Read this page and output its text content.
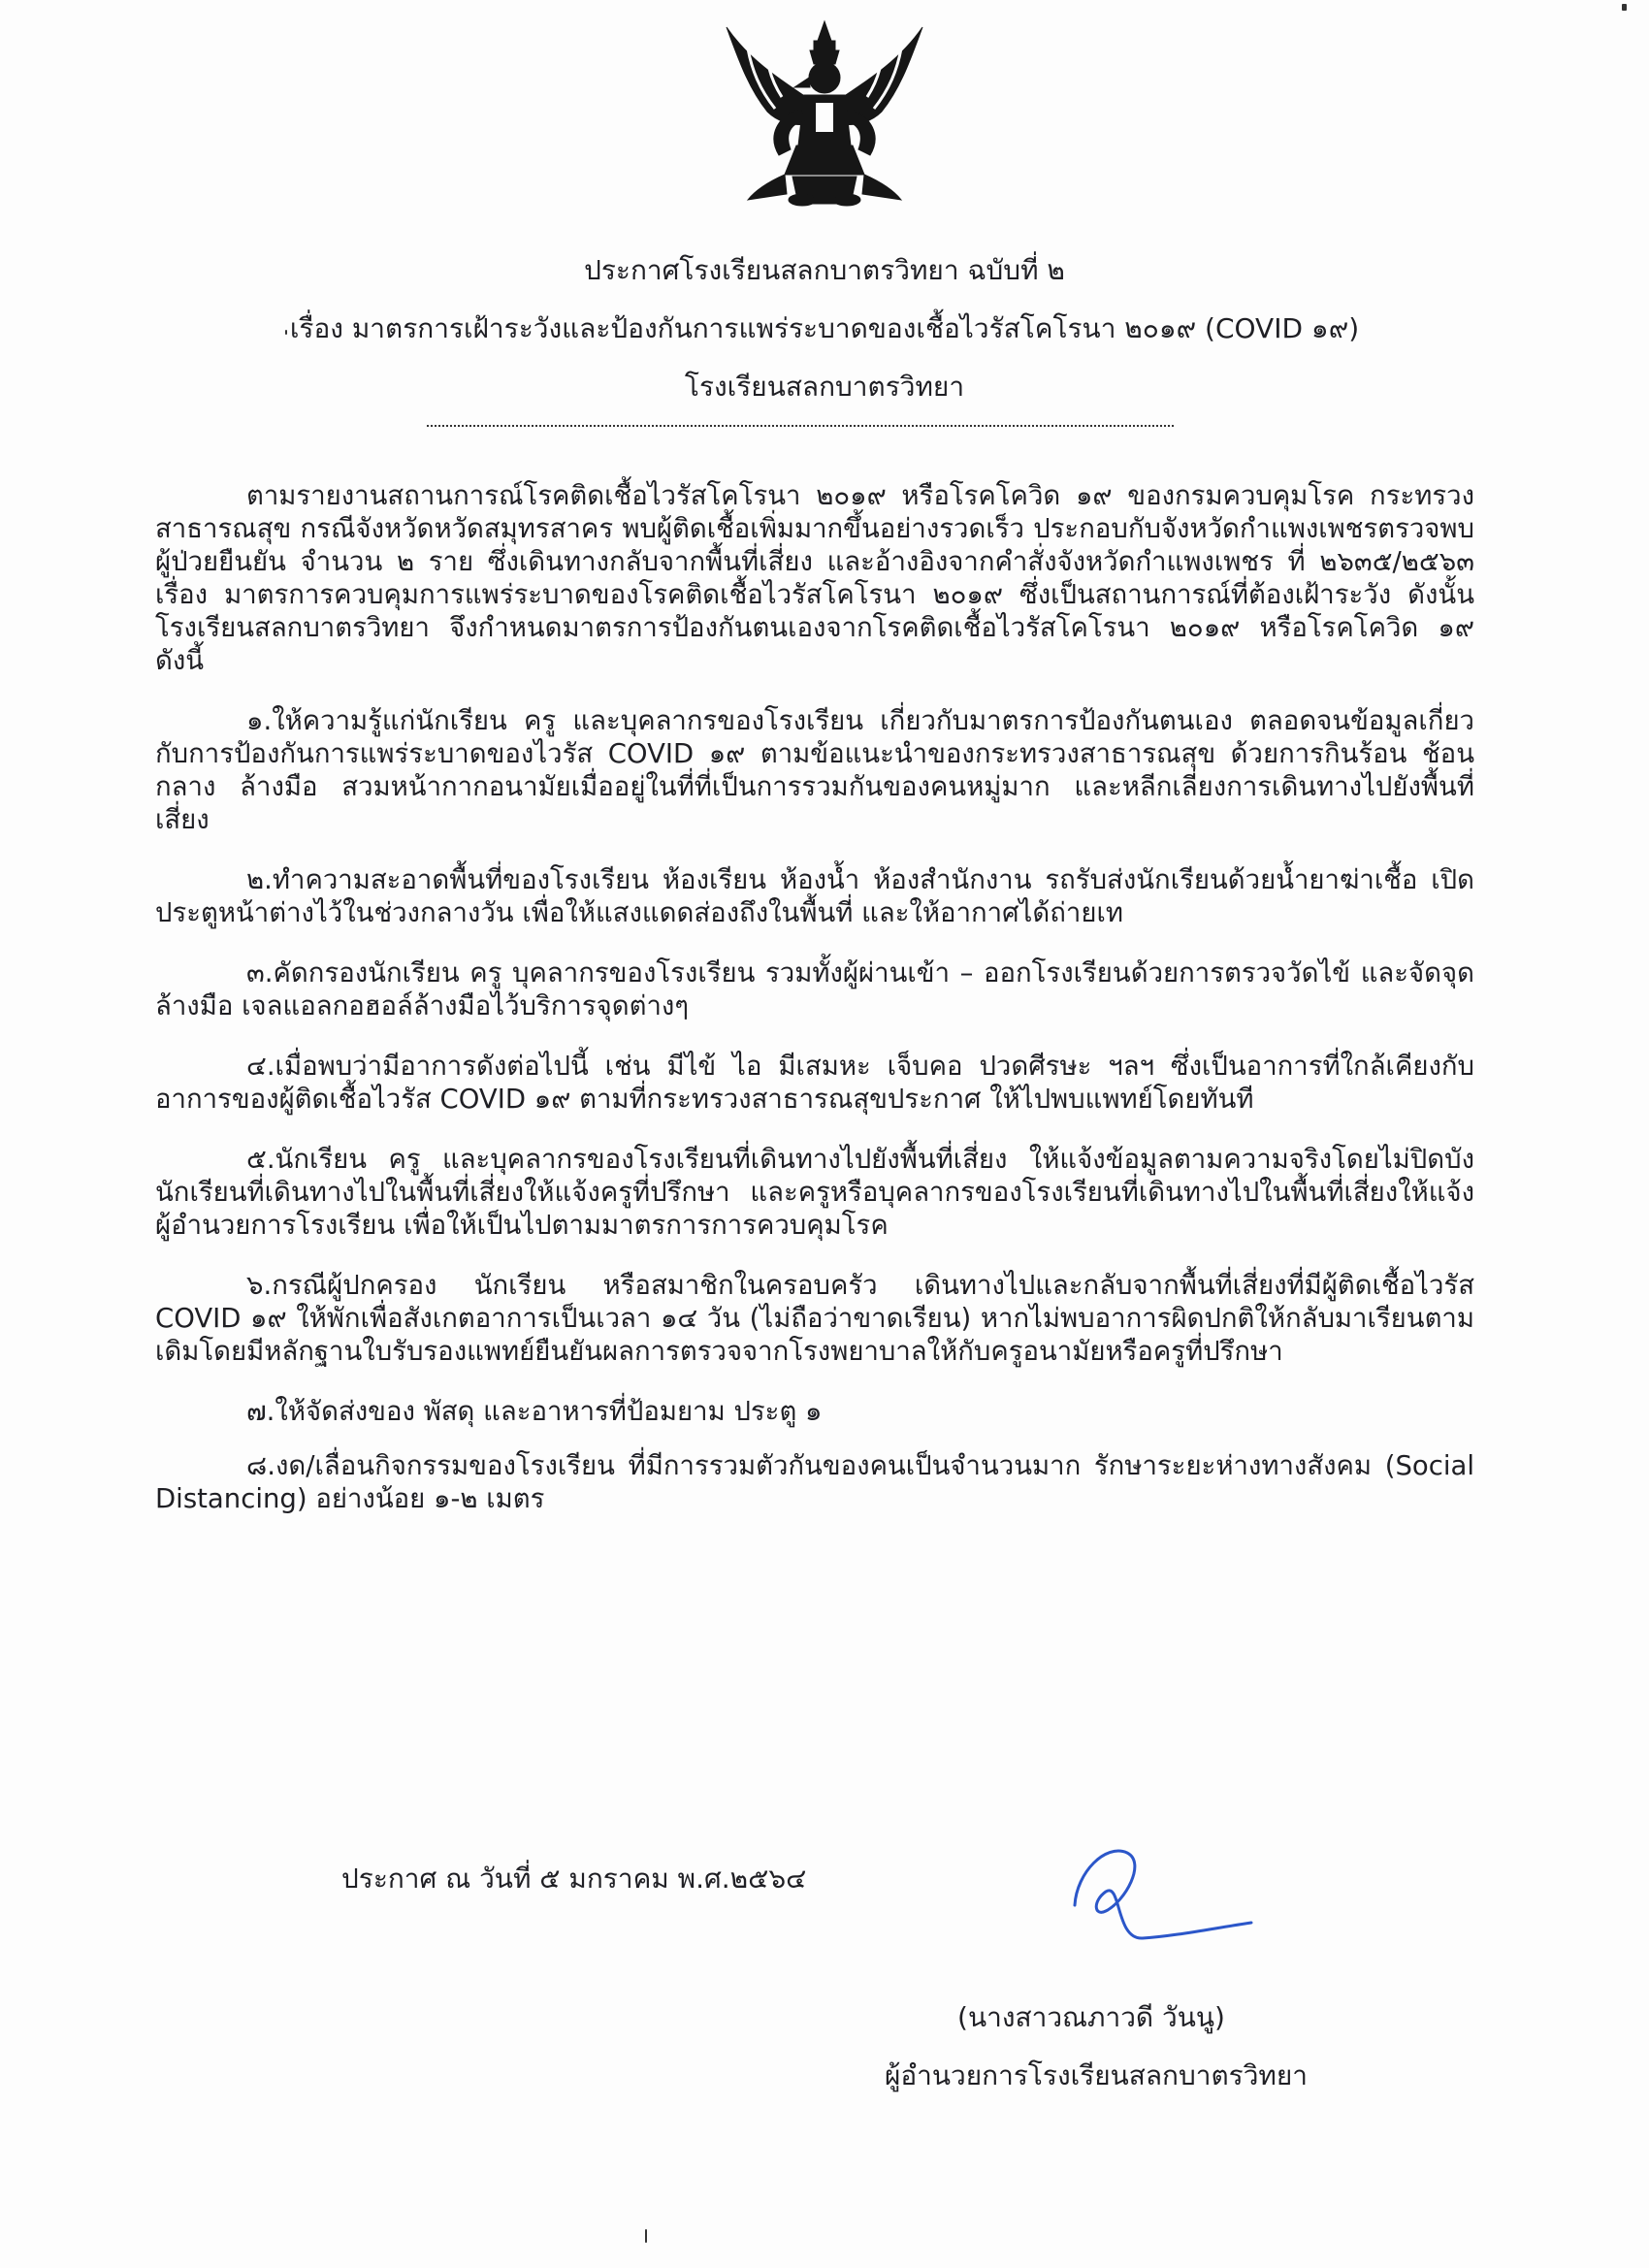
ประกาศโรงเรียนสลกบาตรวิทยา ฉบับที่ ๒
เรื่อง มาตรการเฝ้าระวังและป้องกันการแพร่ระบาดของเชื้อไวรัสโคโรนา ๒๐๑๙ (COVID ๑๙)
โรงเรียนสลกบาตรวิทยา

ตามรายงานสถานการณ์โรคติดเชื้อไวรัสโคโรนา ๒๐๑๙ หรือโรคโควิด ๑๙ ของกรมควบคุมโรค กระทรวงสาธารณสุข กรณีจังหวัดหวัดสมุทรสาคร พบผู้ติดเชื้อเพิ่มมากขึ้นอย่างรวดเร็ว ประกอบกับจังหวัดกำแพงเพชรตรวจพบผู้ป่วยยืนยัน จำนวน ๒ ราย ซึ่งเดินทางกลับจากพื้นที่เสี่ยง และอ้างอิงจากคำสั่งจังหวัดกำแพงเพชร ที่ ๒๖๓๕/๒๕๖๓ เรื่อง มาตรการควบคุมการแพร่ระบาดของโรคติดเชื้อไวรัสโคโรนา ๒๐๑๙ ซึ่งเป็นสถานการณ์ที่ต้องเฝ้าระวัง ดังนั้น โรงเรียนสลกบาตรวิทยา จึงกำหนดมาตรการป้องกันตนเองจากโรคติดเชื้อไวรัสโคโรนา ๒๐๑๙ หรือโรคโควิด ๑๙ ดังนี้

๑.ให้ความรู้แก่นักเรียน ครู และบุคลากรของโรงเรียน เกี่ยวกับมาตรการป้องกันตนเอง ตลอดจนข้อมูลเกี่ยวกับการป้องกันการแพร่ระบาดของไวรัส COVID ๑๙ ตามข้อแนะนำของกระทรวงสาธารณสุข ด้วยการกินร้อน ช้อนกลาง ล้างมือ สวมหน้ากากอนามัยเมื่ออยู่ในที่ที่เป็นการรวมกันของคนหมู่มาก และหลีกเลี่ยงการเดินทางไปยังพื้นที่เสี่ยง

๒.ทำความสะอาดพื้นที่ของโรงเรียน ห้องเรียน ห้องน้ำ ห้องสำนักงาน รถรับส่งนักเรียนด้วยน้ำยาฆ่าเชื้อ เปิดประตูหน้าต่างไว้ในช่วงกลางวัน เพื่อให้แสงแดดส่องถึงในพื้นที่ และให้อากาศได้ถ่ายเท

๓.คัดกรองนักเรียน ครู บุคลากรของโรงเรียน รวมทั้งผู้ผ่านเข้า – ออกโรงเรียนด้วยการตรวจวัดไข้ และจัดจุดล้างมือ เจลแอลกอฮอล์ล้างมือไว้บริการจุดต่างๆ

๔.เมื่อพบว่ามีอาการดังต่อไปนี้ เช่น มีไข้ ไอ มีเสมหะ เจ็บคอ ปวดศีรษะ ฯลฯ ซึ่งเป็นอาการที่ใกล้เคียงกับอาการของผู้ติดเชื้อไวรัส COVID ๑๙ ตามที่กระทรวงสาธารณสุขประกาศ ให้ไปพบแพทย์โดยทันที

๕.นักเรียน ครู และบุคลากรของโรงเรียนที่เดินทางไปยังพื้นที่เสี่ยง ให้แจ้งข้อมูลตามความจริงโดยไม่ปิดบัง นักเรียนที่เดินทางไปในพื้นที่เสี่ยงให้แจ้งครูที่ปรึกษา และครูหรือบุคลากรของโรงเรียนที่เดินทางไปในพื้นที่เสี่ยงให้แจ้งผู้อำนวยการโรงเรียน เพื่อให้เป็นไปตามมาตรการการควบคุมโรค

๖.กรณีผู้ปกครอง นักเรียน หรือสมาชิกในครอบครัว เดินทางไปและกลับจากพื้นที่เสี่ยงที่มีผู้ติดเชื้อไวรัส COVID ๑๙ ให้พักเพื่อสังเกตอาการเป็นเวลา ๑๔ วัน (ไม่ถือว่าขาดเรียน) หากไม่พบอาการผิดปกติให้กลับมาเรียนตามเดิมโดยมีหลักฐานใบรับรองแพทย์ยืนยันผลการตรวจจากโรงพยาบาลให้กับครูอนามัยหรือครูที่ปรึกษา

๗.ให้จัดส่งของ พัสดุ และอาหารที่ป้อมยาม ประตู ๑

๘.งด/เลื่อนกิจกรรมของโรงเรียน ที่มีการรวมตัวกันของคนเป็นจำนวนมาก รักษาระยะห่างทางสังคม (Social Distancing) อย่างน้อย ๑-๒ เมตร

ประกาศ ณ วันที่ ๕ มกราคม พ.ศ.๒๕๖๔
(นางสาวณภาวดี วันนู)
ผู้อำนวยการโรงเรียนสลกบาตรวิทยา
